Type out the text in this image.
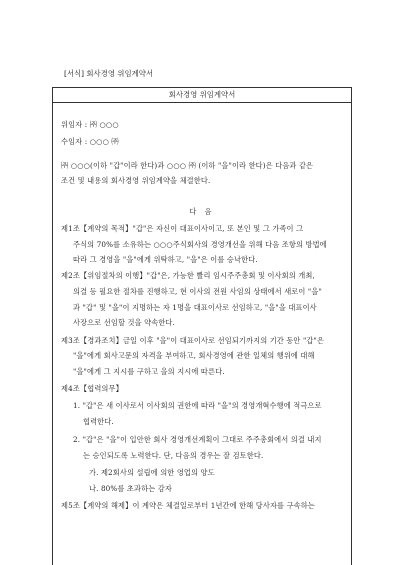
[서식] 회사경영 위임계약서
회사경영 위임계약서
위임자 : ㈜ ○○○
수임자 : ○○○ ㈜
㈜ ○○○(이하 "갑"이라 한다)과 ○○○ ㈜ (이하 "을"이라 한다)은 다음과 같은
조건 및 내용의 회사경영 위임계약을 체결한다.
다 음
제1조【계약의 목적】"갑"은 자신이 대표이사이고, 또 본인 및 그 가족이 그
주식의 70%를 소유하는 ○○○주식회사의 경영개선을 위해 다음 조항의 방법에
따라 그 경영을 "을"에게 위탁하고, "을"은 이를 승낙한다.
제2조【위임절차의 이행】"갑"은, 가능한 빨리 임시주주총회 및 이사회의 개최,
의결 등 필요한 절차를 진행하고, 현 이사의 전원 사임의 상태에서 새로이 "을"
과 "갑" 및 "을"이 지명하는 자 1명을 대표이사로 선임하고, "을"을 대표이사
사장으로 선임할 것을 약속한다.
제3조【경과조치】금일 이후 "을"이 대표이사로 선임되기까지의 기간 동안 "갑"은
"을"에게 회사고문의 자격을 부여하고, 회사경영에 관한 일체의 행위에 대해
"을"에게 그 지시를 구하고 을의 지시에 따른다.
제4조【협력의무】
1. "갑"은 새 이사로서 이사회의 권한에 따라 "을"의 경영개혁수행에 적극으로
협력한다.
2. "갑"은 "을"이 입안한 회사 경영개선계획이 그대로 주주총회에서 의결 내지
는 승인되도록 노력한다. 단, 다음의 경우는 잘 검토한다.
가. 제2회사의 설립에 의한 영업의 양도
나. 80%를 초과하는 감자
제5조【계약의 해제】이 계약은 체결일로부터 1년간에 한해 당사자를 구속하는
